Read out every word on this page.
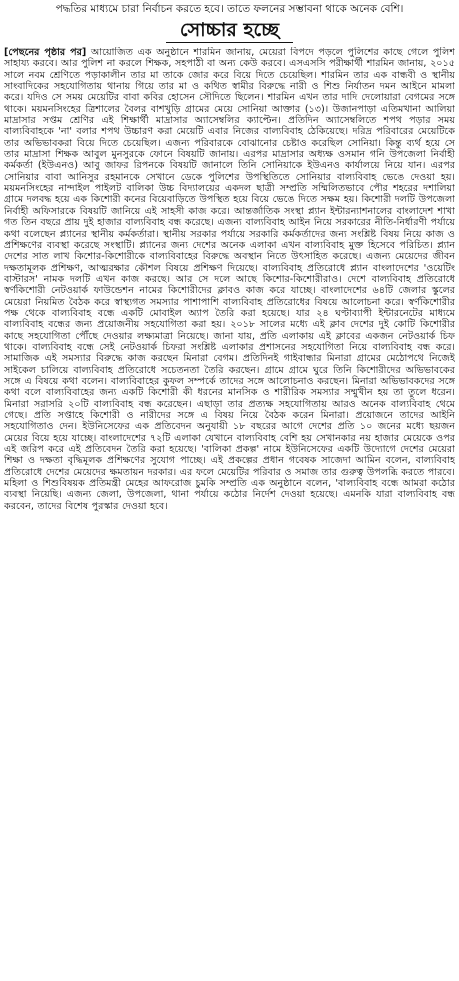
পদ্ধতির মাধ্যমে চারা নির্বাচন করতে হবে। তাতে ফলনের সম্ভাবনা থাকে অনেক বেশি।
সোচ্চার হচ্ছে

[পেছনের পৃষ্ঠার পর] আয়োজিত এক অনুষ্ঠানে শারমিন জানায়, মেয়েরা বিপদে পড়লে পুলিশের কাছে গেলে পুলিশ সাহায্য করবে। আর পুলিশ না করলে শিক্ষক, সহপাঠী বা অন্য কেউ করবে। এসএসসি পরীক্ষার্থী শারমিন জানায়, ২০১৫ সালে নবম শ্রেণিতে পড়াকালীন তার মা তাকে জোর করে বিয়ে দিতে চেয়েছিল। শারমিন তার এক বান্ধবী ও স্থানীয় সাংবাদিকের সহযোগিতায় থানায় গিয়ে তার মা ও কথিত স্বামীর বিরুদ্ধে নারী ও শিশু নির্যাতন দমন আইনে মামলা করে। যদিও সে সময় মেয়েটির বাবা কবির হোসেন সৌদিতে ছিলেন। শারমিন এখন তার দাদি দেলোয়ারা বেগমের সঙ্গে থাকে। ময়মনসিংহের ত্রিশালের বৈলর বাশখুড়ি গ্রামের মেয়ে সোনিয়া আক্তার (১৩)। উজানপাড়া এতিমখানা আলিয়া মাদ্রাসার সপ্তম শ্রেণির এই শিক্ষার্থী মাদ্রাসার অ্যাসেম্বলির ক্যাপ্টেন। প্রতিদিন অ্যাসেম্বলিতে শপথ পড়ার সময় বাল্যবিবাহকে 'না' বলার শপথ উচ্চারণ করা মেয়েটি এবার নিজের বাল্যবিবাহ ঠেকিয়েছে। দরিদ্র পরিবারের মেয়েটিকে তার অভিভাবকরা বিয়ে দিতে চেয়েছিল। এজন্য পরিবারকে বোঝানোর চেষ্টাও করেছিল সোনিয়া। কিন্তু ব্যর্থ হয়ে সে তার মাদ্রাসা শিক্ষক আবুল মুনসুরকে ফোনে বিষয়টি জানায়। এরপর মাদ্রাসার অধ্যক্ষ ওসমান গনি উপজেলা নির্বাহী কর্মকর্তা (ইউএনও) আবু জাফর রিপনকে বিষয়টি জানালে তিনি সোনিয়াকে ইউএনও কার্যালয়ে নিয়ে যান। এরপর সোনিয়ার বাবা আনিসুর রহমানকে সেখানে ডেকে পুলিশের উপস্থিতিতে সোনিয়ার বাল্যবিবাহ ভেঙে দেওয়া হয়। ময়মনসিংহের নান্দাইল পাইলট বালিকা উচ্চ বিদ্যালয়ের একদল ছাত্রী সম্প্রতি সম্মিলিতভাবে পৌর শহরের দশালিয়া গ্রামে দলবদ্ধ হয়ে এক কিশোরী কনের বিয়েবাড়িতে উপস্থিত হয়ে বিয়ে ভেঙে দিতে সক্ষম হয়। কিশোরী দলটি উপজেলা নির্বাহী অফিসারকে বিষয়টি জানিয়ে এই সাহসী কাজ করে। আন্তর্জাতিক সংস্থা প্ল্যান ইন্টারন্যাশনালের বাংলাদেশ শাখা গত তিন বছরে প্রায় দুই হাজার বাল্যবিবাহ বন্ধ করেছে। এজন্য বাল্যবিবাহ আইন নিয়ে সরকারের নীতি-নির্ধারণী পর্যায়ে কথা বলেছেন প্ল্যানের স্থানীয় কর্মকর্তারা। স্থানীয় সরকার পর্যায়ে সরকারি কর্মকর্তাদের জন্য সংশ্লিষ্ট বিষয় নিয়ে কাজ ও প্রশিক্ষণের ব্যবস্থা করেছে সংস্থাটি। প্ল্যানের জন্য দেশের অনেক এলাকা এখন বাল্যবিবাহ মুক্ত হিসেবে পরিচিত। প্ল্যান দেশের সাত লাখ কিশোর-কিশোরীকে বাল্যবিবাহের বিরুদ্ধে অবস্থান নিতে উৎসাহিত করেছে। এজন্য মেয়েদের জীবন দক্ষতামূলক প্রশিক্ষণ, আত্মরক্ষার কৌশল বিষয়ে প্রশিক্ষণ দিয়েছে। বাল্যবিবাহ প্রতিরোধে প্ল্যান বাংলাদেশের 'ওয়েটিং বাস্টারস' নামক দলটি এখন কাজ করছে। আর সে দলে আছে কিশোর-কিশোরীরাও। দেশে বাল্যবিবাহ প্রতিরোধে স্বর্ণকিশোরী নেটওয়ার্ক ফাউন্ডেশন নামের কিশোরীদের ক্লাবও কাজ করে যাচ্ছে। বাংলাদেশের ৬৪টি জেলার স্কুলের মেয়েরা নিয়মিত বৈঠক করে স্বাস্থ্যগত সমস্যার পাশাপাশি বাল্যবিবাহ প্রতিরোধের বিষয়ে আলোচনা করে। স্বর্ণকিশোরীর পক্ষ থেকে বাল্যবিবাহ বন্ধে একটি মোবাইল অ্যাপ তৈরি করা হয়েছে। যার ২৪ ঘণ্টাব্যাপী ইন্টারনেটের মাধ্যমে বাল্যবিবাহ বন্ধের জন্য প্রয়োজনীয় সহযোগিতা করা হয়। ২০১৮ সালের মধ্যে এই ক্লাব দেশের দুই কোটি কিশোরীর কাছে সহযোগিতা পৌঁছে দেওয়ার লক্ষ্যমাত্রা নিয়েছে। জানা যায়, প্রতি এলাকায় এই ক্লাবের একজন নেটওয়ার্ক চিফ থাকে। বাল্যবিবাহ বন্ধে সেই নেটওয়ার্ক চিফরা সংশ্লিষ্ট এলাকার প্রশাসনের সহযোগিতা নিয়ে বাল্যবিবাহ বন্ধ করে। সামাজিক এই সমস্যার বিরুদ্ধে কাজ করছেন মিনারা বেগম। প্রতিদিনই গাইবান্ধার মিনারা গ্রামের মেঠোপথে নিজেই সাইকেল চালিয়ে বাল্যবিবাহ প্রতিরোধে সচেতনতা তৈরি করছেন। গ্রামে গ্রামে ঘুরে তিনি কিশোরীদের অভিভাবকের সঙ্গে এ বিষয়ে কথা বলেন। বাল্যবিবাহের কুফল সম্পর্কে তাদের সঙ্গে আলোচনাও করছেন। মিনারা অভিভাবকদের সঙ্গে কথা বলে বাল্যবিবাহের জন্য একটি কিশোরী কী ধরনের মানসিক ও শারীরিক সমস্যার সম্মুখীন হয় তা তুলে ধরেন। মিনারা সরাসরি ২০টি বাল্যবিবাহ বন্ধ করেছেন। এছাড়া তার প্রত্যক্ষ সহযোগিতায় আরও অনেক বাল্যবিবাহ থেমে গেছে। প্রতি সপ্তাহে কিশোরী ও নারীদের সঙ্গে এ বিষয় নিয়ে বৈঠক করেন মিনারা। প্রয়োজনে তাদের আইনি সহযোগিতাও দেন। ইউনিসেফের এক প্রতিবেদন অনুযায়ী ১৮ বছরের আগে দেশের প্রতি ১০ জনের মধ্যে ছয়জন মেয়ের বিয়ে হয়ে যাচ্ছে। বাংলাদেশের ৭২টি এলাকা যেখানে বাল্যবিবাহ বেশি হয় সেখানকার নয় হাজার মেয়েকে ওপর এই জরিপ করে এই প্রতিবেদন তৈরি করা হয়েছে। 'বালিকা প্রকল্প' নামে ইউনিসেফের একটি উদ্যোগে দেশের মেয়েরা শিক্ষা ও দক্ষতা বৃদ্ধিমূলক প্রশিক্ষণের সুযোগ পাচ্ছে। এই প্রকল্পের প্রধান গবেষক সাজেদা আমিন বলেন, বাল্যবিবাহ প্রতিরোধে দেশের মেয়েদের ক্ষমতায়ন দরকার। এর ফলে মেয়েটির পরিবার ও সমাজ তার গুরুত্ব উপলব্ধি করতে পারবে। মহিলা ও শিশুবিষয়ক প্রতিমন্ত্রী মেহের আফরোজ চুমকি সম্প্রতি এক অনুষ্ঠানে বলেন, 'বাল্যবিবাহ বন্ধে আমরা কঠোর ব্যবস্থা নিয়েছি। এজন্য জেলা, উপজেলা, থানা পর্যায়ে কঠোর নির্দেশ দেওয়া হয়েছে। এমনকি যারা বাল্যবিবাহ বন্ধ করবেন, তাদের বিশেষ পুরস্কার দেওয়া হবে।
